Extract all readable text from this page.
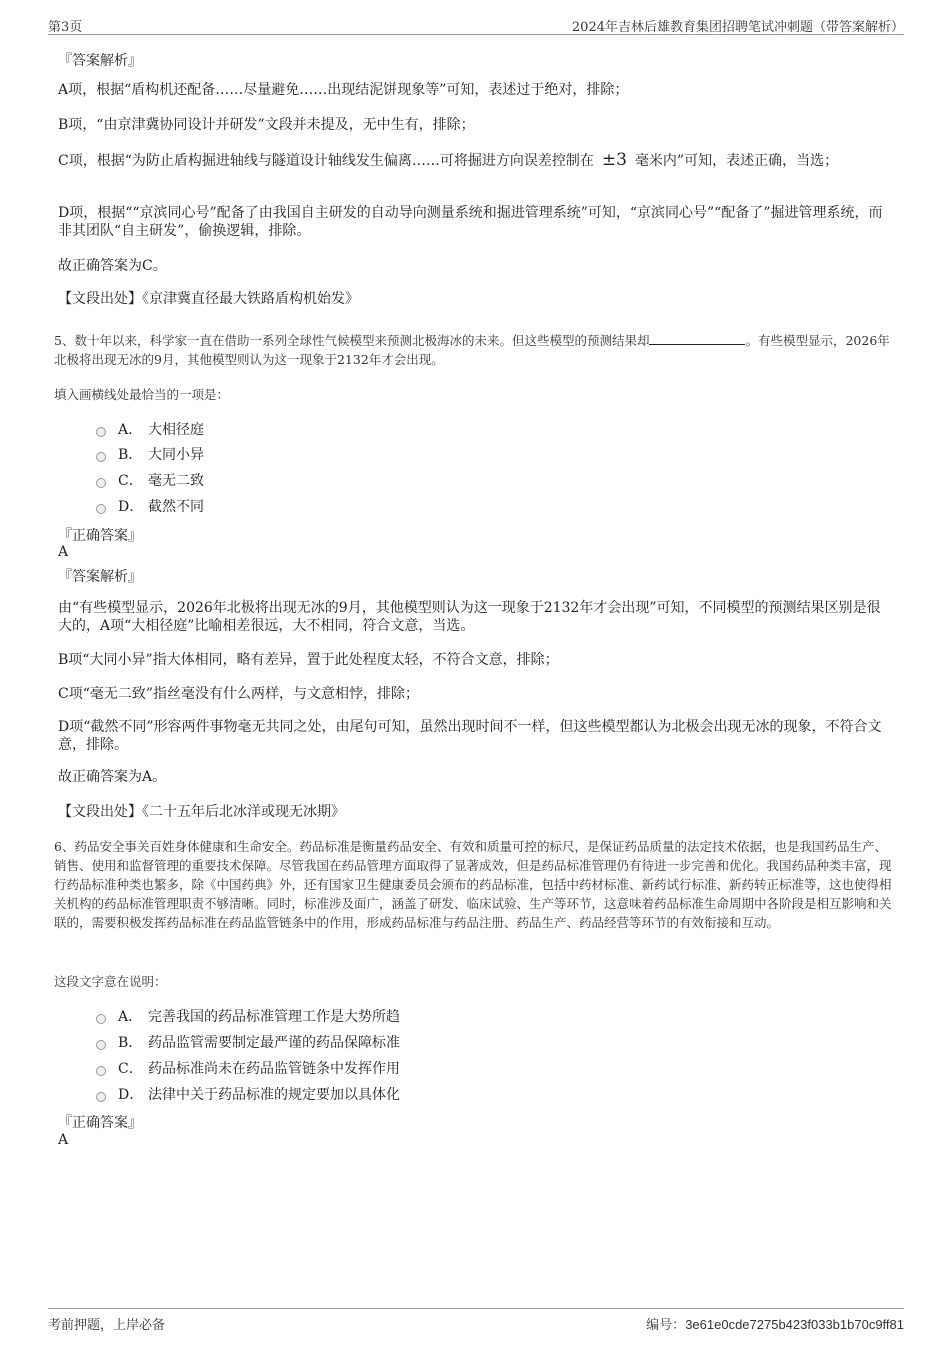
第3页	2024年吉林后雄教育集团招聘笔试冲刺题（带答案解析）
『答案解析』
A项，根据“盾构机还配备……尽量避免……出现结泥饼现象等”可知，表述过于绝对，排除；
B项，“由京津冀协同设计并研发”文段并未提及，无中生有，排除；
C项，根据“为防止盾构掘进轴线与隧道设计轴线发生偏离……可将掘进方向误差控制在 ±3 毫米内”可知，表述正确，当选；
D项，根据““京滨同心号”配备了由我国自主研发的自动导向测量系统和掘进管理系统”可知，“京滨同心号”“配备了”掘进管理系统，而非其团队“自主研发”，偷换逻辑，排除。
故正确答案为C。
【文段出处】《京津冀直径最大铁路盾构机始发》
5、数十年以来，科学家一直在借助一系列全球性气候模型来预测北极海冰的未来。但这些模型的预测结果却	。有些模型显示，2026年北极将出现无冰的9月，其他模型则认为这一现象于2132年才会出现。
填入画横线处最恰当的一项是：
A． 大相径庭
B． 大同小异
C． 毫无二致
D． 截然不同
『正确答案』
A
『答案解析』
由“有些模型显示，2026年北极将出现无冰的9月，其他模型则认为这一现象于2132年才会出现”可知，不同模型的预测结果区别是很大的，A项“大相径庭”比喻相差很远，大不相同，符合文意，当选。
B项“大同小异”指大体相同，略有差异，置于此处程度太轻，不符合文意，排除；
C项“毫无二致”指丝毫没有什么两样，与文意相悖，排除；
D项“截然不同”形容两件事物毫无共同之处，由尾句可知，虽然出现时间不一样，但这些模型都认为北极会出现无冰的现象，不符合文意，排除。
故正确答案为A。
【文段出处】《二十五年后北冰洋或现无冰期》
6、药品安全事关百姓身体健康和生命安全。药品标准是衡量药品安全、有效和质量可控的标尺，是保证药品质量的法定技术依据，也是我国药品生产、销售、使用和监督管理的重要技术保障。尽管我国在药品管理方面取得了显著成效，但是药品标准管理仍有待进一步完善和优化。我国药品种类丰富，现行药品标准种类也繁多，除《中国药典》外，还有国家卫生健康委员会颁布的药品标准，包括中药材标准、新药试行标准、新药转正标准等，这也使得相关机构的药品标准管理职责不够清晰。同时，标准涉及面广，涵盖了研发、临床试验、生产等环节，这意味着药品标准生命周期中各阶段是相互影响和关联的，需要积极发挥药品标准在药品监管链条中的作用，形成药品标准与药品注册、药品生产、药品经营等环节的有效衔接和互动。
这段文字意在说明：
A． 完善我国的药品标准管理工作是大势所趋
B． 药品监管需要制定最严谨的药品保障标准
C． 药品标准尚未在药品监管链条中发挥作用
D． 法律中关于药品标准的规定要加以具体化
『正确答案』
A
考前押题，上岸必备	编号：3e61e0cde7275b423f033b1b70c9ff81
